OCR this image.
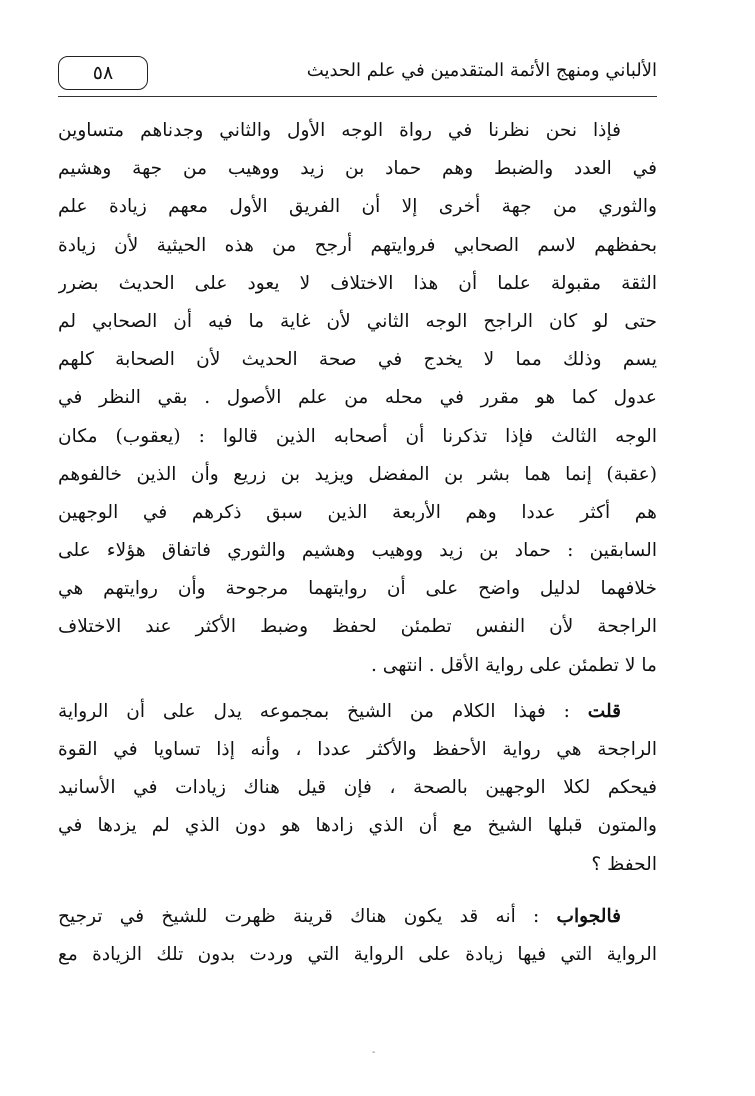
٥٨	الألباني ومنهج الأئمة المتقدمين في علم الحديث
فإذا نحن نظرنا في رواة الوجه الأول والثاني وجدناهم متساوين
في العدد والضبط وهم حماد بن زيد ووهيب من جهة وهشيم
والثوري من جهة أخرى إلا أن الفريق الأول معهم زيادة علم
بحفظهم لاسم الصحابي فروايتهم أرجح من هذه الحيثية لأن زيادة
الثقة مقبولة علما أن هذا الاختلاف لا يعود على الحديث بضرر
حتى لو كان الراجح الوجه الثاني لأن غاية ما فيه أن الصحابي لم
يسم وذلك مما لا يخدج في صحة الحديث لأن الصحابة كلهم
عدول كما هو مقرر في محله من علم الأصول . بقي النظر في
الوجه الثالث فإذا تذكرنا أن أصحابه الذين قالوا : (يعقوب) مكان
(عقبة) إنما هما بشر بن المفضل ويزيد بن زريع وأن الذين خالفوهم
هم أكثر عددا وهم الأربعة الذين سبق ذكرهم في الوجهين
السابقين : حماد بن زيد ووهيب وهشيم والثوري فاتفاق هؤلاء على
خلافهما لدليل واضح على أن روايتهما مرجوحة وأن روايتهم هي
الراجحة لأن النفس تطمئن لحفظ وضبط الأكثر عند الاختلاف
ما لا تطمئن على رواية الأقل . انتهى .
قلت : فهذا الكلام من الشيخ بمجموعه يدل على أن الرواية
الراجحة هي رواية الأحفظ والأكثر عددا ، وأنه إذا تساويا في القوة
فيحكم لكلا الوجهين بالصحة ، فإن قيل هناك زيادات في الأسانيد
والمتون قبلها الشيخ مع أن الذي زادها هو دون الذي لم يزدها في
الحفظ ؟
فالجواب : أنه قد يكون هناك قرينة ظهرت للشيخ في ترجيح
الرواية التي فيها زيادة على الرواية التي وردت بدون تلك الزيادة مع
-
